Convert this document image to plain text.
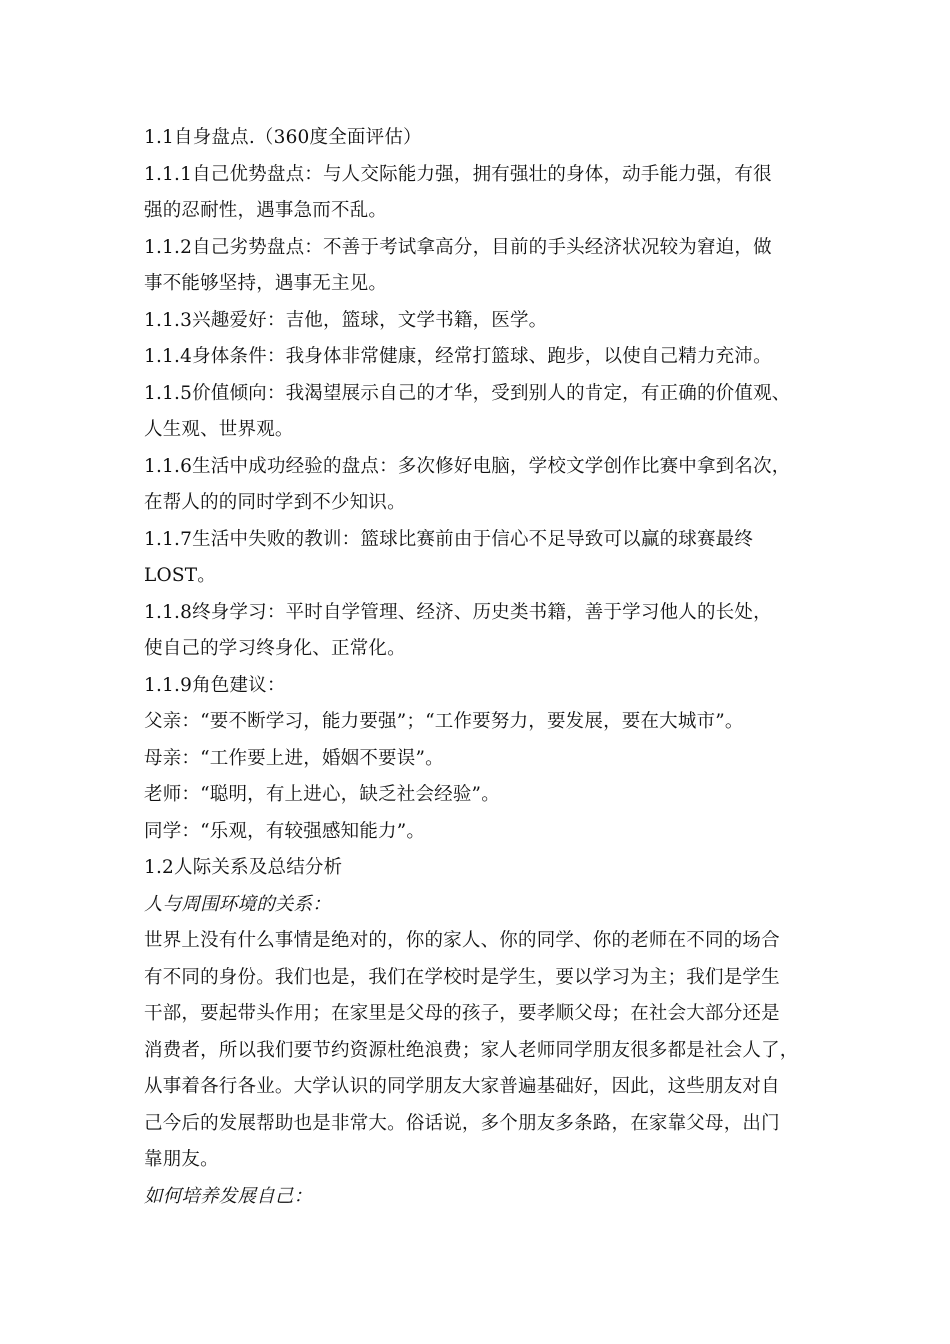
1.1自身盘点.（360度全面评估）
1.1.1自己优势盘点：与人交际能力强，拥有强壮的身体，动手能力强，有很
强的忍耐性，遇事急而不乱。
1.1.2自己劣势盘点：不善于考试拿高分，目前的手头经济状况较为窘迫，做
事不能够坚持，遇事无主见。
1.1.3兴趣爱好：吉他，篮球，文学书籍，医学。
1.1.4身体条件：我身体非常健康，经常打篮球、跑步，以使自己精力充沛。
1.1.5价值倾向：我渴望展示自己的才华，受到别人的肯定，有正确的价值观、
人生观、世界观。
1.1.6生活中成功经验的盘点：多次修好电脑，学校文学创作比赛中拿到名次，
在帮人的的同时学到不少知识。
1.1.7生活中失败的教训：篮球比赛前由于信心不足导致可以赢的球赛最终
LOST。
1.1.8终身学习：平时自学管理、经济、历史类书籍，善于学习他人的长处，
使自己的学习终身化、正常化。
1.1.9角色建议：
父亲：“要不断学习，能力要强”；“工作要努力，要发展，要在大城市”。
母亲：“工作要上进，婚姻不要误”。
老师：“聪明，有上进心，缺乏社会经验”。
同学：“乐观，有较强感知能力”。
1.2人际关系及总结分析
人与周围环境的关系：
世界上没有什么事情是绝对的，你的家人、你的同学、你的老师在不同的场合
有不同的身份。我们也是，我们在学校时是学生，要以学习为主；我们是学生
干部，要起带头作用；在家里是父母的孩子，要孝顺父母；在社会大部分还是
消费者，所以我们要节约资源杜绝浪费；家人老师同学朋友很多都是社会人了，
从事着各行各业。大学认识的同学朋友大家普遍基础好，因此，这些朋友对自
己今后的发展帮助也是非常大。俗话说，多个朋友多条路，在家靠父母，出门
靠朋友。
如何培养发展自己：
